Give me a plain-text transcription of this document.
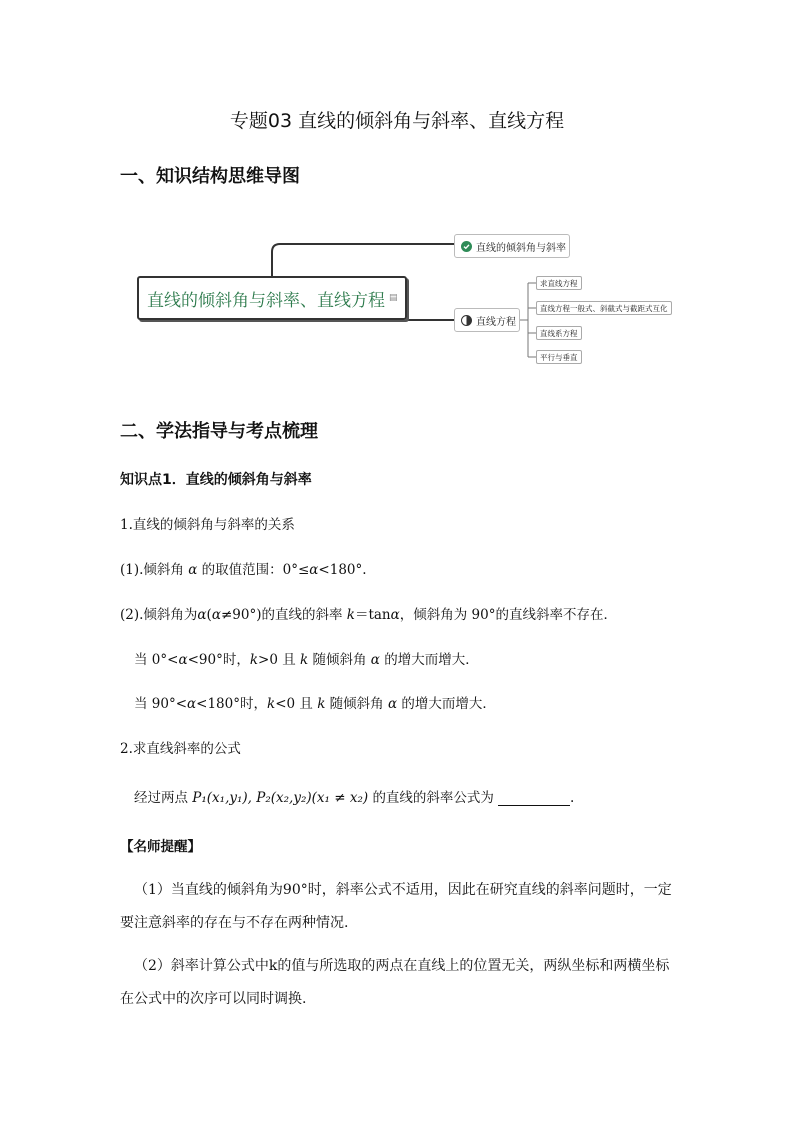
专题03 直线的倾斜角与斜率、直线方程
一、知识结构思维导图
直线的倾斜角与斜率、直线方程 ▤
直线的倾斜角与斜率
直线方程
求直线方程
直线方程一般式、斜截式与截距式互化
直线系方程
平行与垂直
二、学法指导与考点梳理
知识点1．直线的倾斜角与斜率
1.直线的倾斜角与斜率的关系
(1).倾斜角 α 的取值范围：0°≤α<180°.
(2).倾斜角为α(α≠90°)的直线的斜率 k＝tanα，倾斜角为 90°的直线斜率不存在．
当 0°<α<90°时，k>0 且 k 随倾斜角 α 的增大而增大．
当 90°<α<180°时，k<0 且 k 随倾斜角 α 的增大而增大．
2.求直线斜率的公式
经过两点 P₁(x₁,y₁), P₂(x₂,y₂)(x₁ ≠ x₂) 的直线的斜率公式为	.
【名师提醒】
（1）当直线的倾斜角为90°时，斜率公式不适用，因此在研究直线的斜率问题时，一定要注意斜率的存在与不存在两种情况.
（2）斜率计算公式中k的值与所选取的两点在直线上的位置无关，两纵坐标和两横坐标在公式中的次序可以同时调换.
